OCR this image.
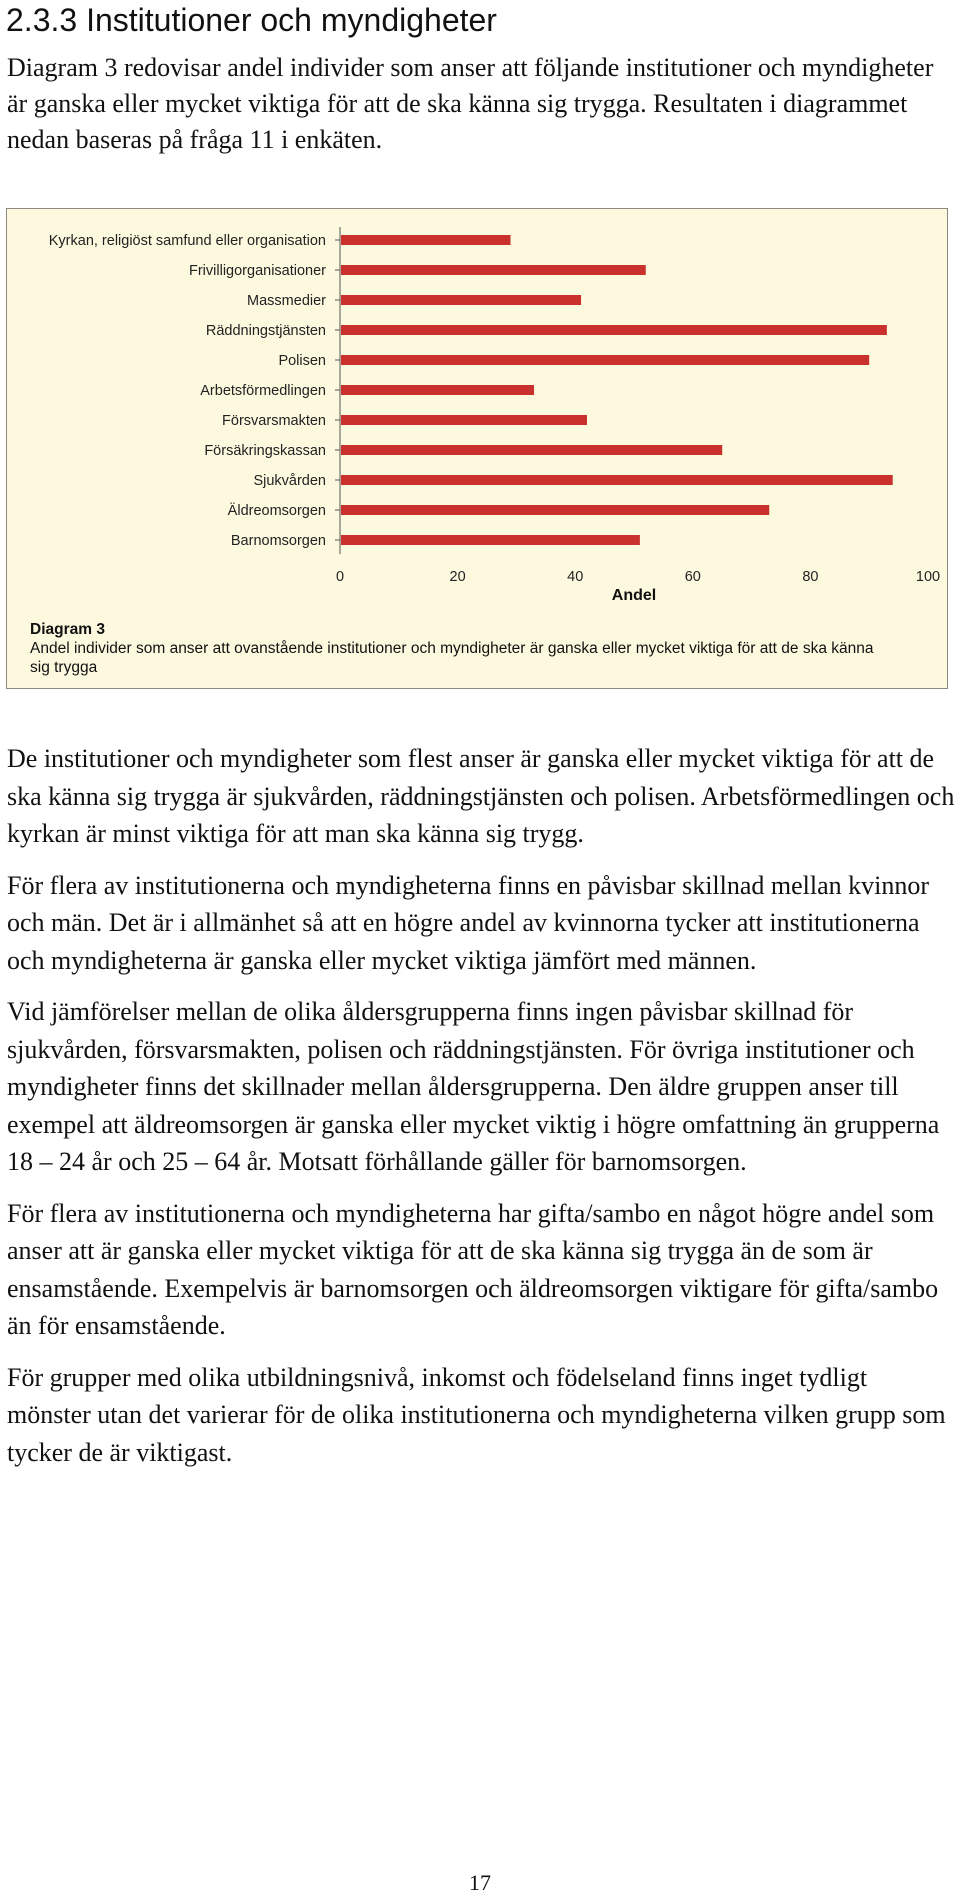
2.3.3 Institutioner och myndigheter

Diagram 3 redovisar andel individer som anser att följande institutioner och myndigheter är ganska eller mycket viktiga för att de ska känna sig trygga. Resultaten i diagrammet nedan baseras på fråga 11 i enkäten.

Kyrkan, religiöst samfund eller organisation
Frivilligorganisationer
Massmedier
Räddningstjänsten
Polisen
Arbetsförmedlingen
Försvarsmakten
Försäkringskassan
Sjukvården
Äldreomsorgen
Barnomsorgen
0	20	40	60	80	100
Andel
Diagram 3
Andel individer som anser att ovanstående institutioner och myndigheter är ganska eller mycket viktiga för att de ska känna sig trygga

De institutioner och myndigheter som flest anser är ganska eller mycket viktiga för att de ska känna sig trygga är sjukvården, räddningstjänsten och polisen. Arbetsförmedlingen och kyrkan är minst viktiga för att man ska känna sig trygg.

För flera av institutionerna och myndigheterna finns en påvisbar skillnad mellan kvinnor och män. Det är i allmänhet så att en högre andel av kvinnorna tycker att institutionerna och myndigheterna är ganska eller mycket viktiga jämfört med männen.

Vid jämförelser mellan de olika åldersgrupperna finns ingen påvisbar skillnad för sjukvården, försvarsmakten, polisen och räddningstjänsten. För övriga institutioner och myndigheter finns det skillnader mellan åldersgrupperna. Den äldre gruppen anser till exempel att äldreomsorgen är ganska eller mycket viktig i högre omfattning än grupperna 18 – 24 år och 25 – 64 år. Motsatt förhållande gäller för barnomsorgen.

För flera av institutionerna och myndigheterna har gifta/sambo en något högre andel som anser att är ganska eller mycket viktiga för att de ska känna sig trygga än de som är ensamstående. Exempelvis är barnomsorgen och äldreomsorgen viktigare för gifta/sambo än för ensamstående.

För grupper med olika utbildningsnivå, inkomst och födelseland finns inget tydligt mönster utan det varierar för de olika institutionerna och myndigheterna vilken grupp som tycker de är viktigast.

17
